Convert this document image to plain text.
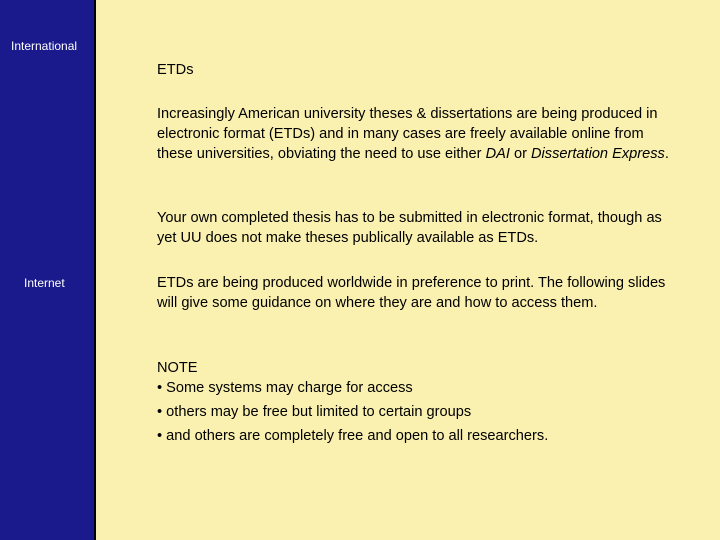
International
Internet

ETDs

Increasingly American university theses & dissertations are being produced in electronic format (ETDs) and in many cases are freely available online from these universities, obviating the need to use either DAI or Dissertation Express.

Your own completed thesis has to be submitted in electronic format, though as yet UU does not make theses publically available as ETDs.

ETDs are being produced worldwide in preference to print. The following slides will give some guidance on where they are and how to access them.

NOTE

• Some systems may charge for access
• others may be free but limited to certain groups
• and others are completely free and open to all researchers.
